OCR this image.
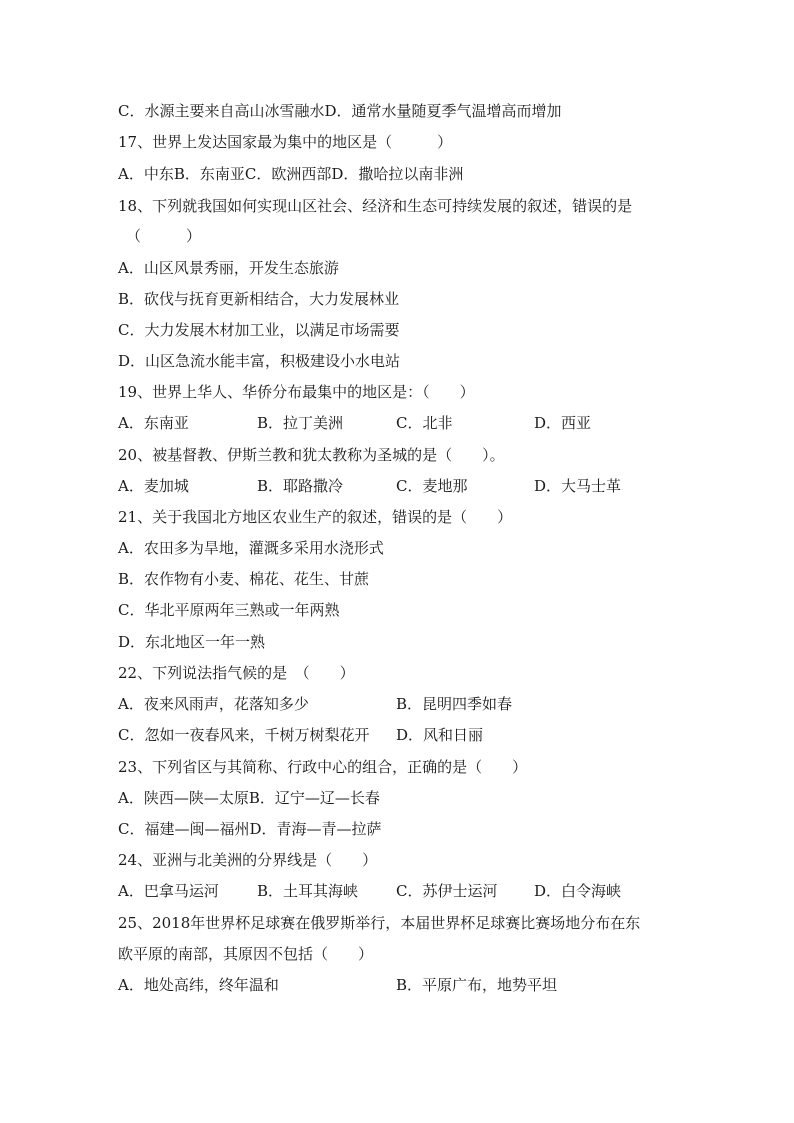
C．水源主要来自高山冰雪融水D．通常水量随夏季气温增高而增加
17、世界上发达国家最为集中的地区是（　　　）
A．中东B．东南亚C．欧洲西部D．撒哈拉以南非洲
18、下列就我国如何实现山区社会、经济和生态可持续发展的叙述，错误的是
（　　　）
A．山区风景秀丽，开发生态旅游
B．砍伐与抚育更新相结合，大力发展林业
C．大力发展木材加工业，以满足市场需要
D．山区急流水能丰富，积极建设小水电站
19、世界上华人、华侨分布最集中的地区是：（　　）
A．东南亚	B．拉丁美洲	C．北非	D．西亚
20、被基督教、伊斯兰教和犹太教称为圣城的是（　　）。
A．麦加城	B．耶路撒冷	C．麦地那	D．大马士革
21、关于我国北方地区农业生产的叙述，错误的是（　　）
A．农田多为旱地，灌溉多采用水浇形式
B．农作物有小麦、棉花、花生、甘蔗
C．华北平原两年三熟或一年两熟
D．东北地区一年一熟
22、下列说法指气候的是　（　　）
A．夜来风雨声，花落知多少	B．昆明四季如春
C．忽如一夜春风来，千树万树梨花开 D．风和日丽
23、下列省区与其简称、行政中心的组合，正确的是（　　）
A．陕西—陕—太原B．辽宁—辽—长春
C．福建—闽—福州D．青海—青—拉萨
24、亚洲与北美洲的分界线是（　　）
A．巴拿马运河	B．土耳其海峡	C．苏伊士运河 D．白令海峡
25、2018年世界杯足球赛在俄罗斯举行，本届世界杯足球赛比赛场地分布在东
欧平原的南部，其原因不包括（　　）
A．地处高纬，终年温和	B．平原广布，地势平坦
